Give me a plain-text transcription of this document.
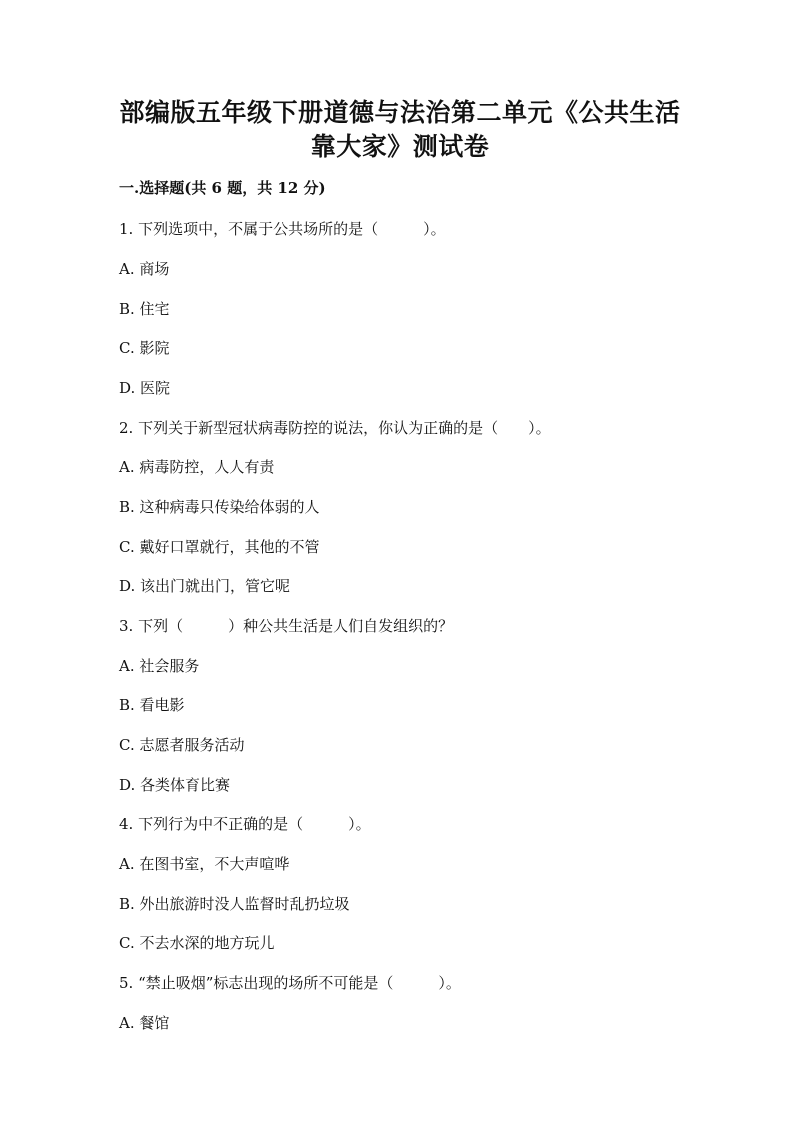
部编版五年级下册道德与法治第二单元《公共生活
靠大家》测试卷
一.选择题(共 6 题，共 12 分)
1. 下列选项中，不属于公共场所的是（　　　）。
A. 商场
B. 住宅
C. 影院
D. 医院
2. 下列关于新型冠状病毒防控的说法，你认为正确的是（　　）。
A. 病毒防控，人人有责
B. 这种病毒只传染给体弱的人
C. 戴好口罩就行，其他的不管
D. 该出门就出门，管它呢
3. 下列（　　　）种公共生活是人们自发组织的？
A. 社会服务
B. 看电影
C. 志愿者服务活动
D. 各类体育比赛
4. 下列行为中不正确的是（　　　）。
A. 在图书室，不大声喧哗
B. 外出旅游时没人监督时乱扔垃圾
C. 不去水深的地方玩儿
5. “禁止吸烟”标志出现的场所不可能是（　　　）。
A. 餐馆
